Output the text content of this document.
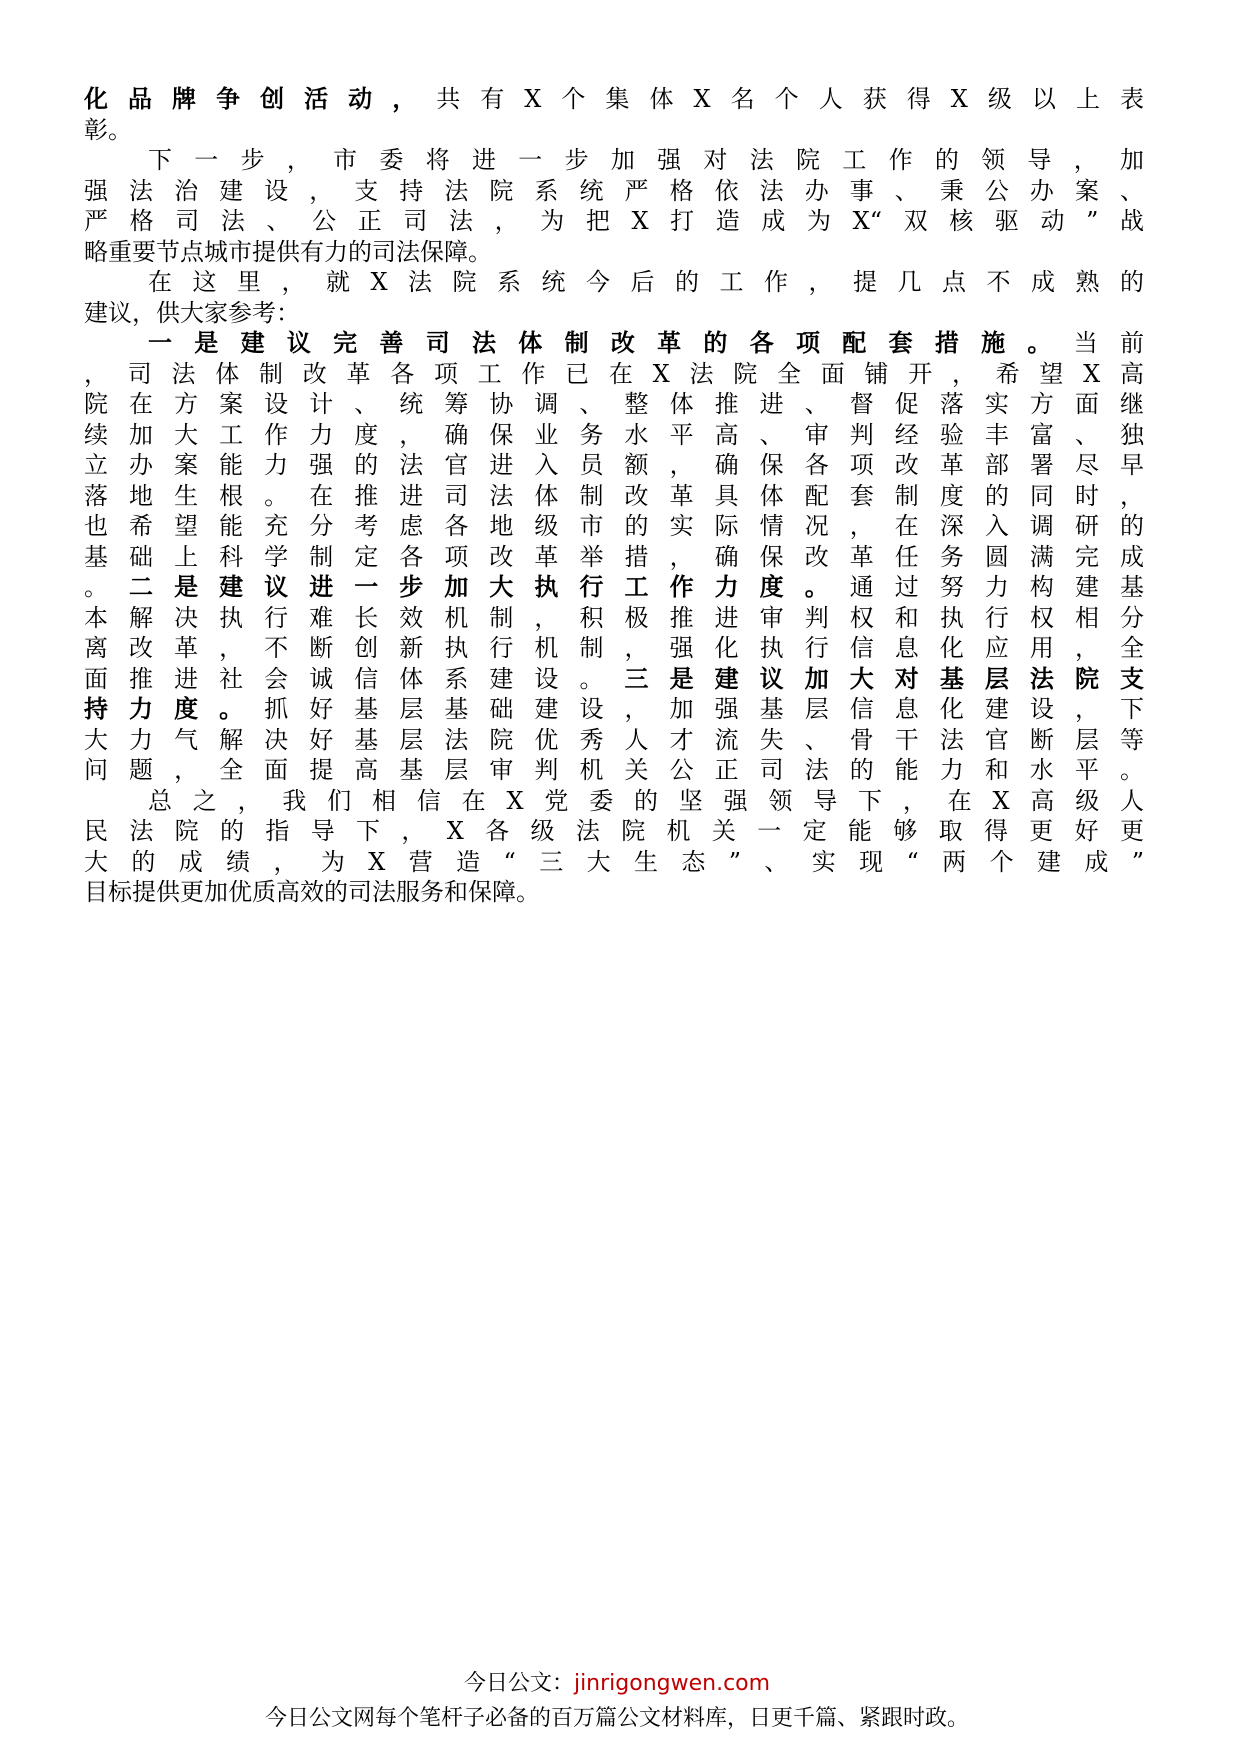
化品牌争创活动，共有X个集体X名个人获得X级以上表
彰。
下一步，市委将进一步加强对法院工作的领导，加
强法治建设，支持法院系统严格依法办事、秉公办案、
严格司法、公正司法，为把X打造成为X“双核驱动”战
略重要节点城市提供有力的司法保障。
在这里，就X法院系统今后的工作，提几点不成熟的
建议，供大家参考：
一是建议完善司法体制改革的各项配套措施。当前
，司法体制改革各项工作已在X法院全面铺开，希望X高
院在方案设计、统筹协调、整体推进、督促落实方面继
续加大工作力度，确保业务水平高、审判经验丰富、独
立办案能力强的法官进入员额，确保各项改革部署尽早
落地生根。在推进司法体制改革具体配套制度的同时，
也希望能充分考虑各地级市的实际情况，在深入调研的
基础上科学制定各项改革举措，确保改革任务圆满完成
。二是建议进一步加大执行工作力度。通过努力构建基
本解决执行难长效机制，积极推进审判权和执行权相分
离改革，不断创新执行机制，强化执行信息化应用，全
面推进社会诚信体系建设。三是建议加大对基层法院支
持力度。抓好基层基础建设，加强基层信息化建设，下
大力气解决好基层法院优秀人才流失、骨干法官断层等
问题，全面提高基层审判机关公正司法的能力和水平。
总之，我们相信在X党委的坚强领导下，在X高级人
民法院的指导下，X各级法院机关一定能够取得更好更
大的成绩，为X营造“三大生态”、实现“两个建成”
目标提供更加优质高效的司法服务和保障。
今日公文：jinrigongwen.com
今日公文网每个笔杆子必备的百万篇公文材料库，日更千篇、紧跟时政。
